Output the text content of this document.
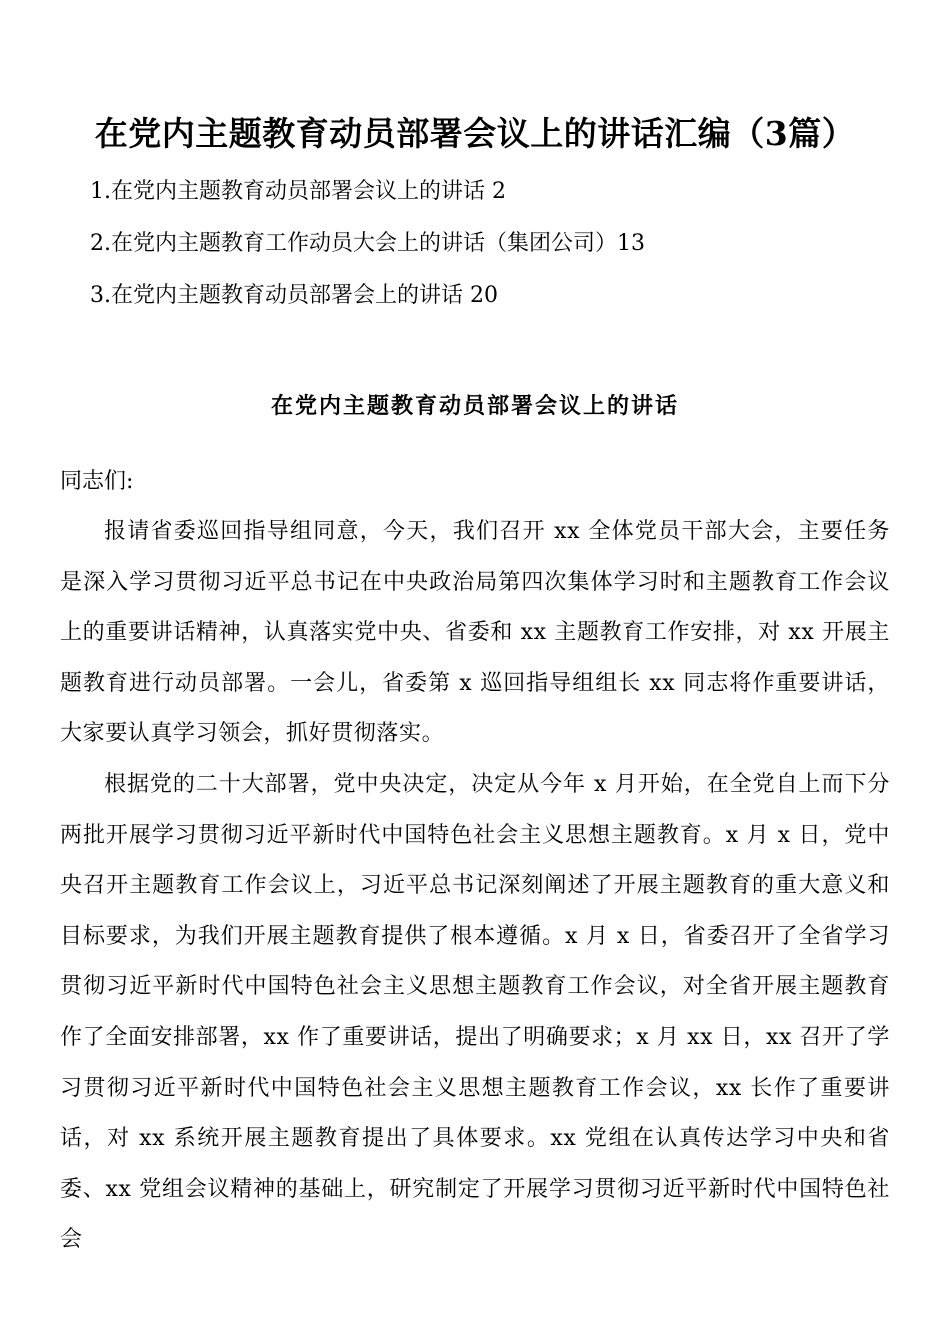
在党内主题教育动员部署会议上的讲话汇编（3篇）
1.在党内主题教育动员部署会议上的讲话 2
2.在党内主题教育工作动员大会上的讲话（集团公司）13
3.在党内主题教育动员部署会上的讲话 20
在党内主题教育动员部署会议上的讲话
同志们:

报请省委巡回指导组同意，今天，我们召开 xx 全体党员干部大会，主要任务是深入学习贯彻习近平总书记在中央政治局第四次集体学习时和主题教育工作会议上的重要讲话精神，认真落实党中央、省委和 xx 主题教育工作安排，对 xx 开展主题教育进行动员部署。一会儿，省委第 x 巡回指导组组长 xx 同志将作重要讲话，大家要认真学习领会，抓好贯彻落实。

根据党的二十大部署，党中央决定，决定从今年 x 月开始，在全党自上而下分两批开展学习贯彻习近平新时代中国特色社会主义思想主题教育。x 月 x 日，党中央召开主题教育工作会议上，习近平总书记深刻阐述了开展主题教育的重大意义和目标要求，为我们开展主题教育提供了根本遵循。x 月 x 日，省委召开了全省学习贯彻习近平新时代中国特色社会主义思想主题教育工作会议，对全省开展主题教育作了全面安排部署，xx 作了重要讲话，提出了明确要求；x 月 xx 日，xx 召开了学习贯彻习近平新时代中国特色社会主义思想主题教育工作会议，xx 长作了重要讲话，对 xx 系统开展主题教育提出了具体要求。xx 党组在认真传达学习中央和省委、xx 党组会议精神的基础上，研究制定了开展学习贯彻习近平新时代中国特色社会
